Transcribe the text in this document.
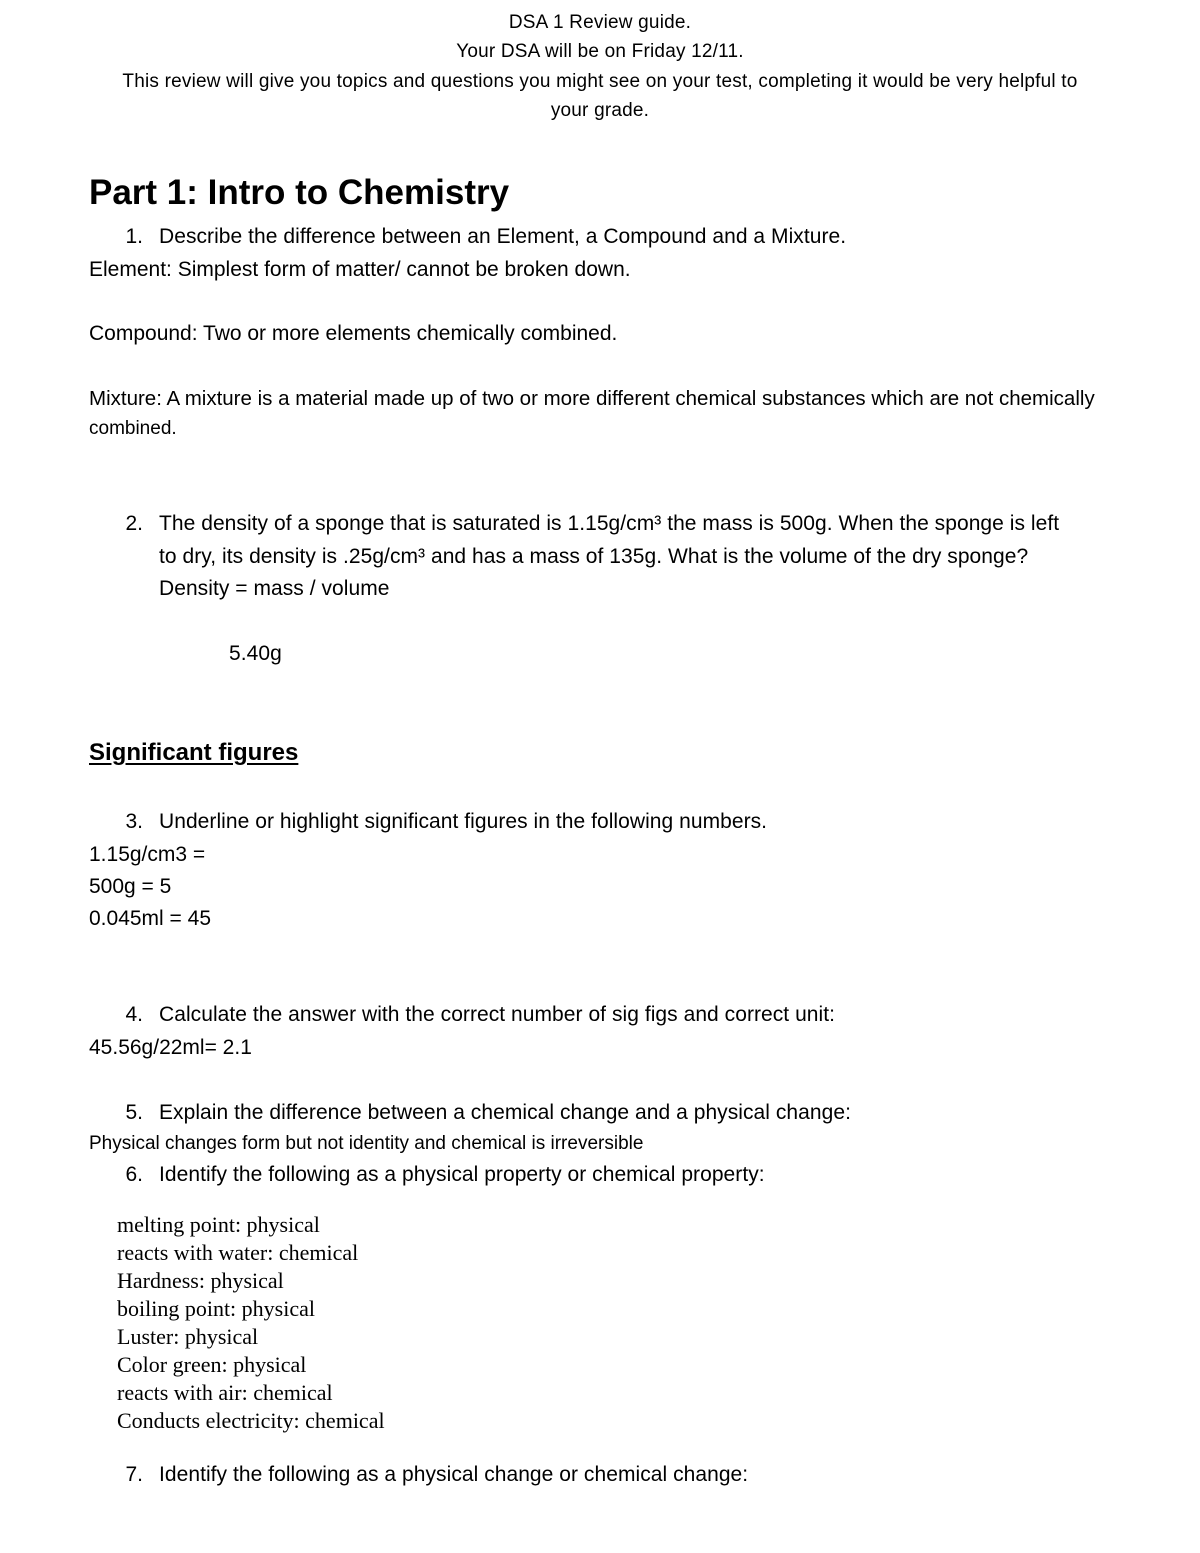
DSA 1 Review guide.
Your DSA will be on Friday 12/11.
This review will give you topics and questions you might see on your test, completing it would be very helpful to
your grade.
Part 1: Intro to Chemistry
1. Describe the difference between an Element, a Compound and a Mixture.
Element: Simplest form of matter/ cannot be broken down.
Compound: Two or more elements chemically combined.
Mixture: A mixture is a material made up of two or more different chemical substances which are not chemically
combined.
2. The density of a sponge that is saturated is 1.15g/cm³ the mass is 500g. When the sponge is left
to dry, its density is .25g/cm³ and has a mass of 135g. What is the volume of the dry sponge?
Density = mass / volume
5.40g
Significant figures
3. Underline or highlight significant figures in the following numbers.
1.15g/cm3 =
500g = 5
0.045ml = 45
4. Calculate the answer with the correct number of sig figs and correct unit:
45.56g/22ml= 2.1
5. Explain the difference between a chemical change and a physical change:
Physical changes form but not identity and chemical is irreversible
6. Identify the following as a physical property or chemical property:
melting point: physical
reacts with water: chemical
Hardness: physical
boiling point: physical
Luster: physical
Color green: physical
reacts with air: chemical
Conducts electricity: chemical
7. Identify the following as a physical change or chemical change:
